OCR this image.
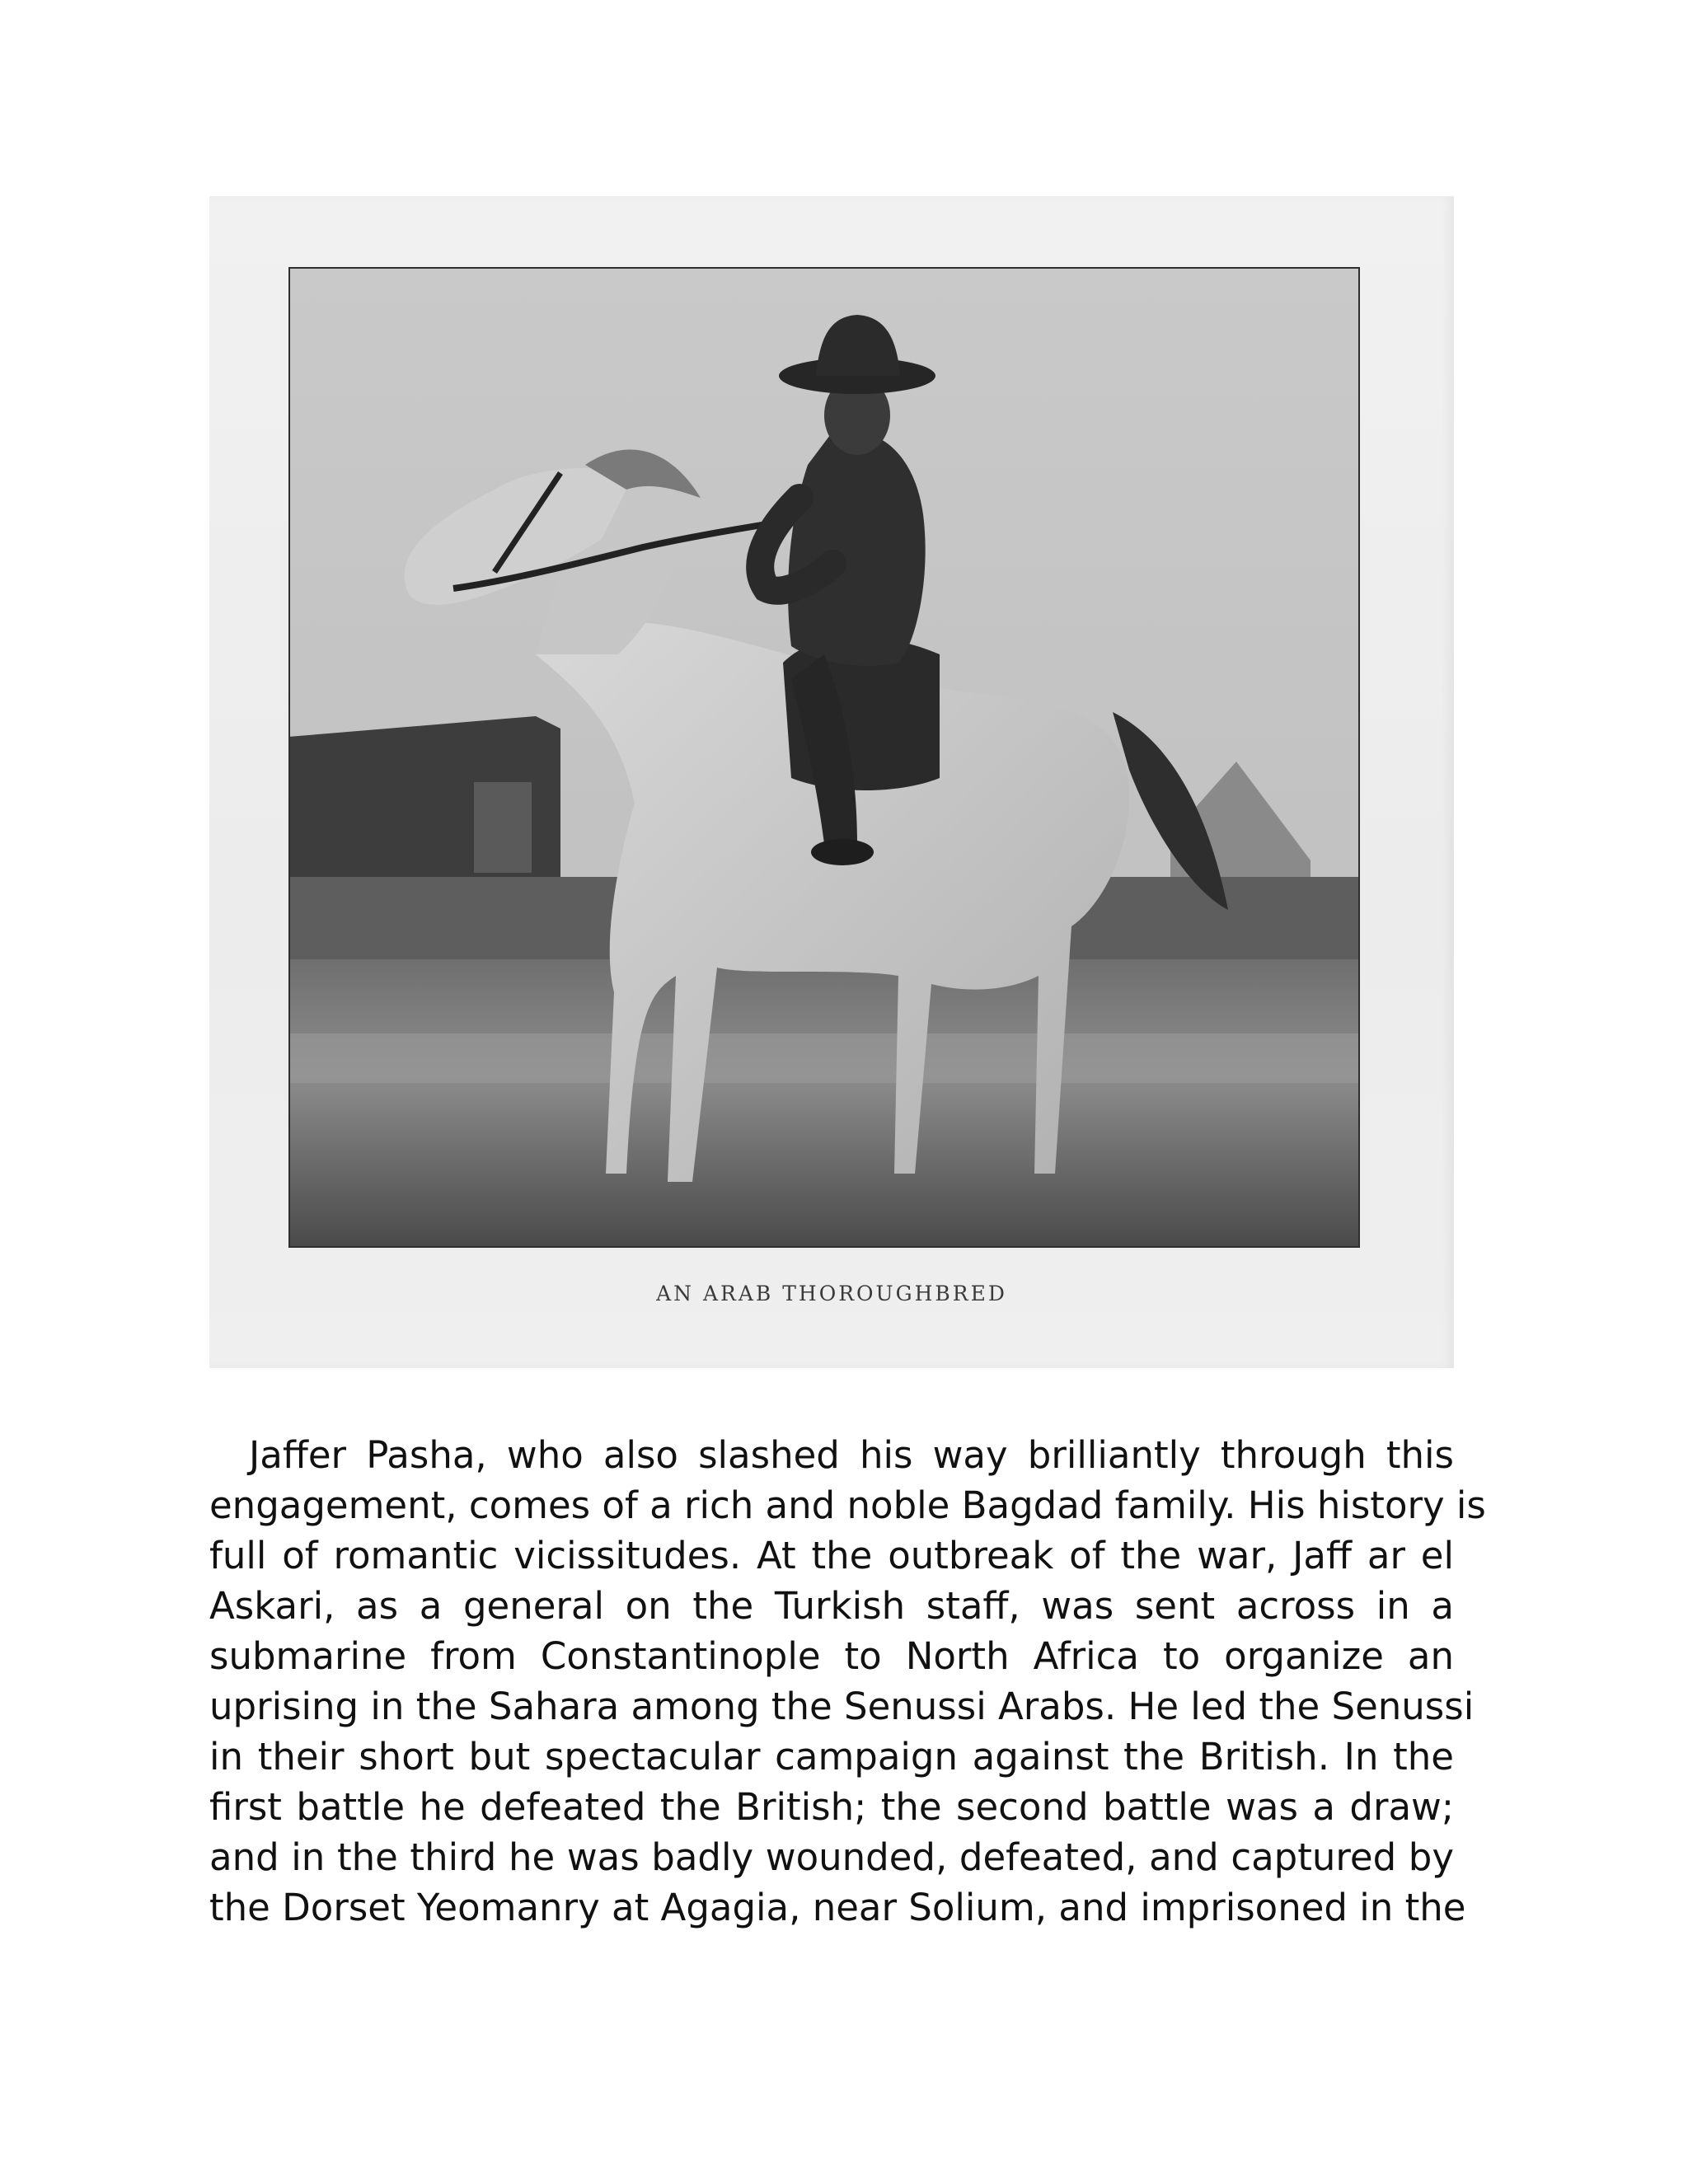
AN ARAB THOROUGHBRED
Jaffer Pasha, who also slashed his way brilliantly through this
engagement, comes of a rich and noble Bagdad family. His history is
full of romantic vicissitudes. At the outbreak of the war, Jaff ar el
Askari, as a general on the Turkish staff, was sent across in a
submarine from Constantinople to North Africa to organize an
uprising in the Sahara among the Senussi Arabs. He led the Senussi
in their short but spectacular campaign against the British. In the
first battle he defeated the British; the second battle was a draw;
and in the third he was badly wounded, defeated, and captured by
the Dorset Yeomanry at Agagia, near Solium, and imprisoned in the
